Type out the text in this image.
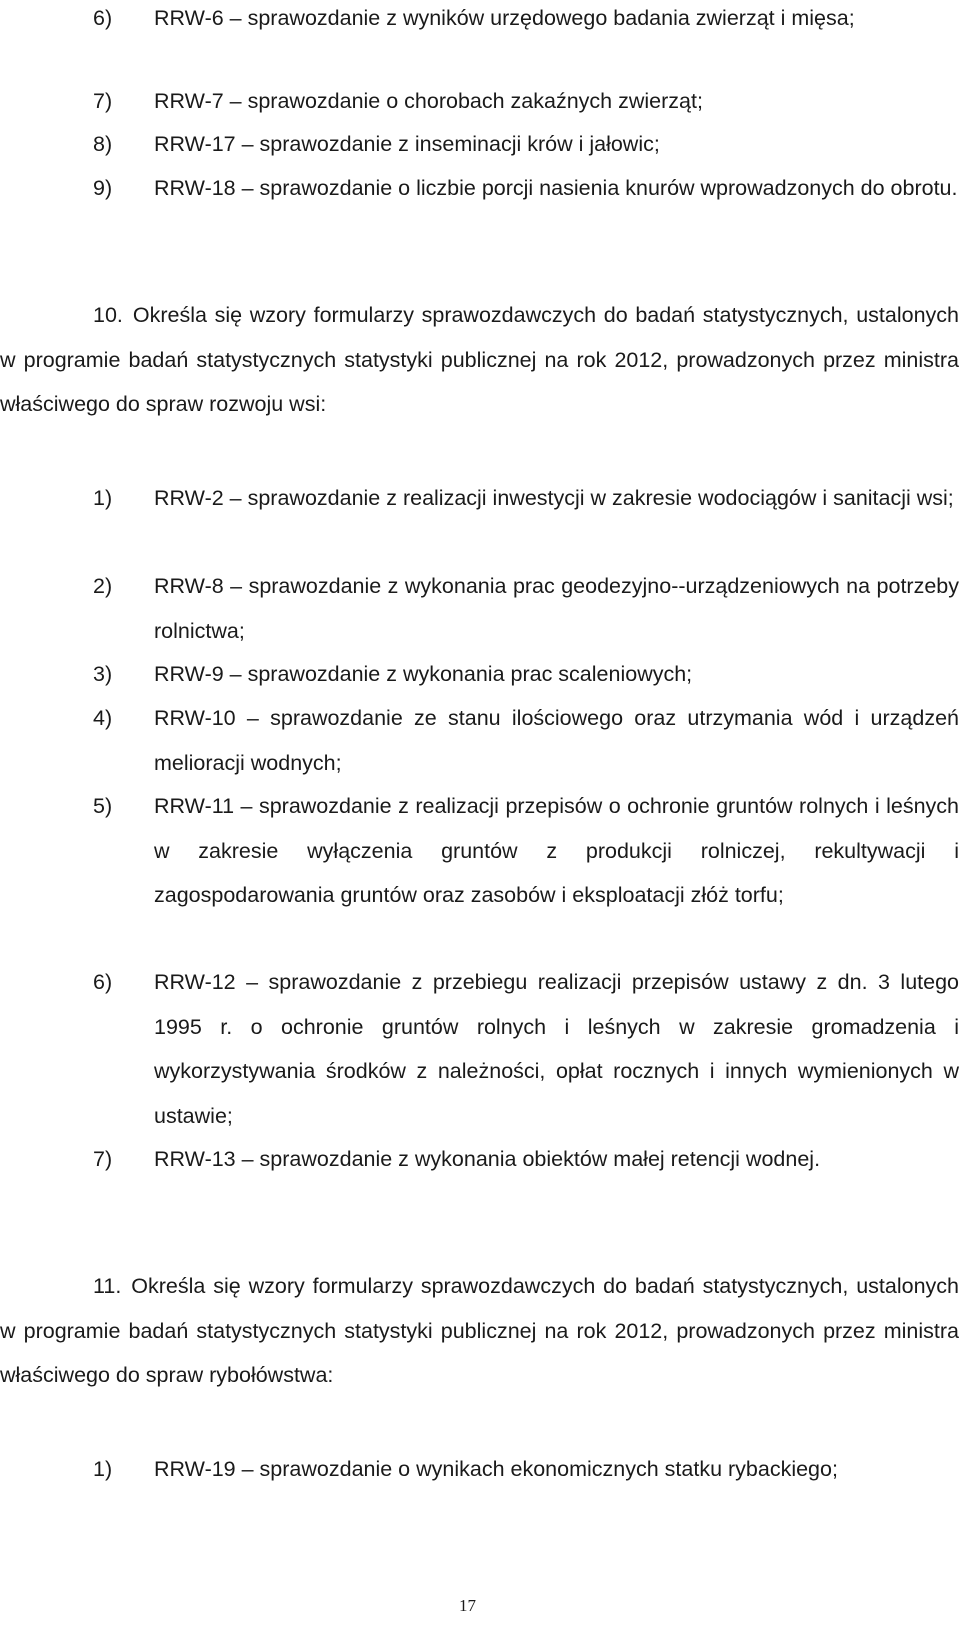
6) RRW-6 – sprawozdanie z wyników urzędowego badania zwierząt i mięsa;
7) RRW-7 – sprawozdanie o chorobach zakaźnych zwierząt;
8) RRW-17 – sprawozdanie z inseminacji krów i jałowic;
9) RRW-18 – sprawozdanie o liczbie porcji nasienia knurów wprowadzonych do obrotu.
10. Określa się wzory formularzy sprawozdawczych do badań statystycznych, ustalonych w programie badań statystycznych statystyki publicznej na rok 2012, prowadzonych przez ministra właściwego do spraw rozwoju wsi:
1) RRW-2 – sprawozdanie z realizacji inwestycji w zakresie wodociągów i sanitacji wsi;
2) RRW-8 – sprawozdanie z wykonania prac geodezyjno--urządzeniowych na potrzeby rolnictwa;
3) RRW-9 – sprawozdanie z wykonania prac scaleniowych;
4) RRW-10 – sprawozdanie ze stanu ilościowego oraz utrzymania wód i urządzeń melioracji wodnych;
5) RRW-11 – sprawozdanie z realizacji przepisów o ochronie gruntów rolnych i leśnych w zakresie wyłączenia gruntów z produkcji rolniczej, rekultywacji i zagospodarowania gruntów oraz zasobów i eksploatacji złóż torfu;
6) RRW-12 – sprawozdanie z przebiegu realizacji przepisów ustawy z dn. 3 lutego 1995 r. o ochronie gruntów rolnych i leśnych w zakresie gromadzenia i wykorzystywania środków z należności, opłat rocznych i innych wymienionych w ustawie;
7) RRW-13 – sprawozdanie z wykonania obiektów małej retencji wodnej.
11. Określa się wzory formularzy sprawozdawczych do badań statystycznych, ustalonych w programie badań statystycznych statystyki publicznej na rok 2012, prowadzonych przez ministra właściwego do spraw rybołówstwa:
1) RRW-19 – sprawozdanie o wynikach ekonomicznych statku rybackiego;
17
